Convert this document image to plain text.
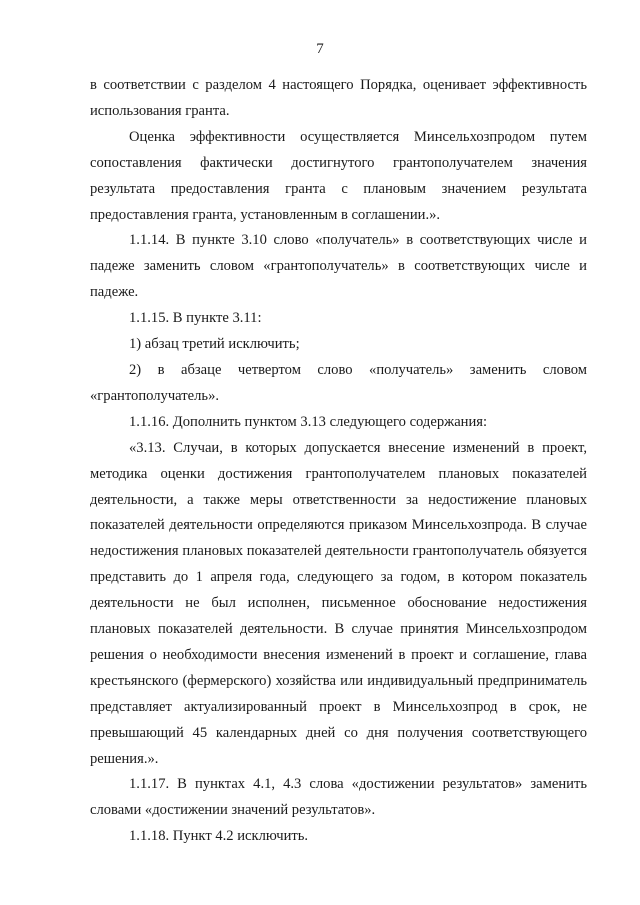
7

в соответствии с разделом 4 настоящего Порядка, оценивает эффективность использования гранта.

Оценка эффективности осуществляется Минсельхозпродом путем сопоставления фактически достигнутого грантополучателем значения результата предоставления гранта с плановым значением результата предоставления гранта, установленным в соглашении.».

1.1.14. В пункте 3.10 слово «получатель» в соответствующих числе и падеже заменить словом «грантополучатель» в соответствующих числе и падеже.

1.1.15. В пункте 3.11:

1) абзац третий исключить;

2) в абзаце четвертом слово «получатель» заменить словом «грантополучатель».

1.1.16. Дополнить пунктом 3.13 следующего содержания:

«3.13. Случаи, в которых допускается внесение изменений в проект, методика оценки достижения грантополучателем плановых показателей деятельности, а также меры ответственности за недостижение плановых показателей деятельности определяются приказом Минсельхозпрода. В случае недостижения плановых показателей деятельности грантополучатель обязуется представить до 1 апреля года, следующего за годом, в котором показатель деятельности не был исполнен, письменное обоснование недостижения плановых показателей деятельности. В случае принятия Минсельхозпродом решения о необходимости внесения изменений в проект и соглашение, глава крестьянского (фермерского) хозяйства или индивидуальный предприниматель представляет актуализированный проект в Минсельхозпрод в срок, не превышающий 45 календарных дней со дня получения соответствующего решения.».

1.1.17. В пунктах 4.1, 4.3 слова «достижении результатов» заменить словами «достижении значений результатов».

1.1.18. Пункт 4.2 исключить.
